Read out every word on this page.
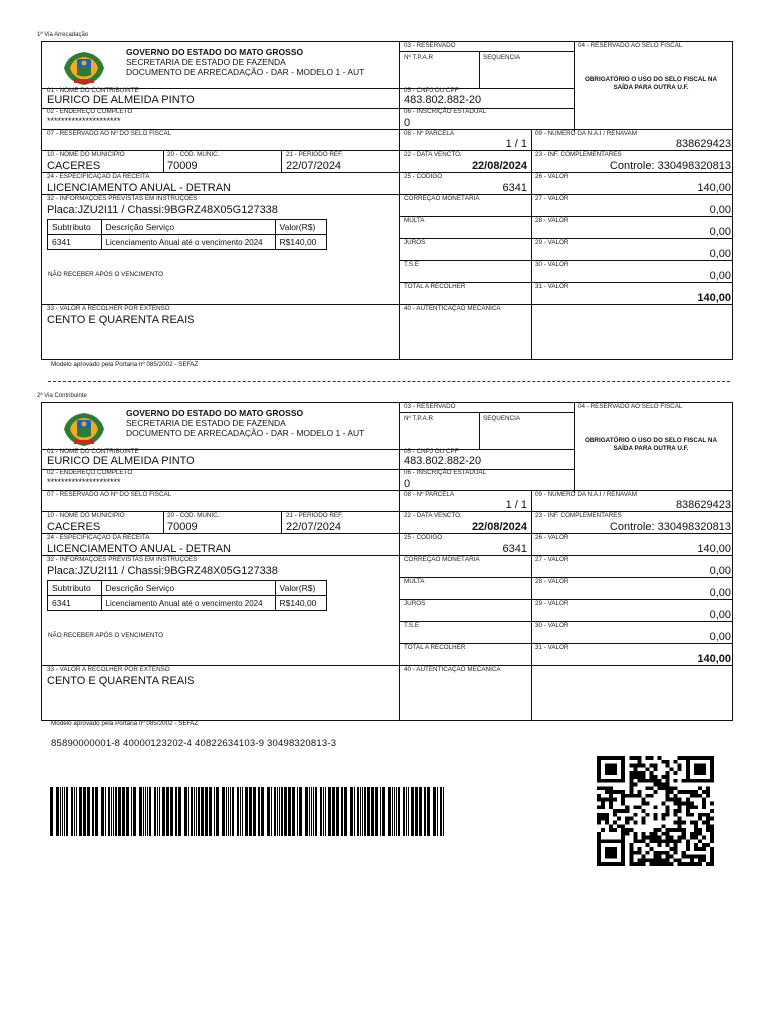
1ª Via Arrecadação
GOVERNO DO ESTADO DO MATO GROSSO
SECRETARIA DE ESTADO DE FAZENDA
DOCUMENTO DE ARRECADAÇÃO - DAR - MODELO 1 - AUT
03 - RESERVADO
Nº T.P.A.R	SEQUENCIA
04 - RESERVADO AO SELO FISCAL
OBRIGATÓRIO O USO DO SELO FISCAL NA SAÍDA PARA OUTRA U.F.
01 - NOME DO CONTRIBUINTE
EURICO DE ALMEIDA PINTO
05 - CNPJ OU CPF
483.802.882-20
02 - ENDEREÇO COMPLETO
*********************
06 - INSCRIÇÃO ESTADUAL
0
07 - RESERVADO AO Nº DO SELO FISCAL	08 - Nº PARCELA
1 / 1
09 - NUMERO DA N.A.I / RENAVAM
838629423
10 - NOME DO MUNICIPIO
CACERES
20 - COD. MUNIC.
70009
21 - PERIODO REF.
22/07/2024
22 - DATA VENCTO.
22/08/2024
23 - INF. COMPLEMENTARES
Controle: 330498320813
24 - ESPECIFICAÇÃO DA RECEITA
LICENCIAMENTO ANUAL - DETRAN
25 - CÓDIGO
6341
26 - VALOR
140,00
32 - INFORMAÇÕES PREVISTAS EM INSTRUÇÕES
Placa:JZU2I11 / Chassi:9BGRZ48X05G127338
Subtributo	Descrição Serviço	Valor(R$)
6341	Licenciamento Anual até o vencimento 2024	R$140,00
NÃO RECEBER APÓS O VENCIMENTO
CORREÇÃO MONETÁRIA	27 - VALOR
0,00
MULTA	28 - VALOR
0,00
JUROS	29 - VALOR
0,00
T.S.E	30 - VALOR
0,00
TOTAL A RECOLHER	31 - VALOR
140,00
33 - VALOR A RECOLHER POR EXTENSO
CENTO E QUARENTA REAIS
40 - AUTENTICAÇÃO MECANICA
Modelo aprovado pela Portaria nº 085/2002 - SEFAZ
2ª Via Contribuinte
GOVERNO DO ESTADO DO MATO GROSSO
SECRETARIA DE ESTADO DE FAZENDA
DOCUMENTO DE ARRECADAÇÃO - DAR - MODELO 1 - AUT
03 - RESERVADO
Nº T.P.A.R	SEQUENCIA
04 - RESERVADO AO SELO FISCAL
OBRIGATÓRIO O USO DO SELO FISCAL NA SAÍDA PARA OUTRA U.F.
01 - NOME DO CONTRIBUINTE
EURICO DE ALMEIDA PINTO
05 - CNPJ OU CPF
483.802.882-20
02 - ENDEREÇO COMPLETO
*********************
06 - INSCRIÇÃO ESTADUAL
0
07 - RESERVADO AO Nº DO SELO FISCAL	08 - Nº PARCELA
1 / 1
09 - NUMERO DA N.A.I / RENAVAM
838629423
10 - NOME DO MUNICIPIO
CACERES
20 - COD. MUNIC.
70009
21 - PERIODO REF.
22/07/2024
22 - DATA VENCTO.
22/08/2024
23 - INF. COMPLEMENTARES
Controle: 330498320813
24 - ESPECIFICAÇÃO DA RECEITA
LICENCIAMENTO ANUAL - DETRAN
25 - CÓDIGO
6341
26 - VALOR
140,00
32 - INFORMAÇÕES PREVISTAS EM INSTRUÇÕES
Placa:JZU2I11 / Chassi:9BGRZ48X05G127338
Subtributo	Descrição Serviço	Valor(R$)
6341	Licenciamento Anual até o vencimento 2024	R$140,00
NÃO RECEBER APÓS O VENCIMENTO
CORREÇÃO MONETÁRIA	27 - VALOR
0,00
MULTA	28 - VALOR
0,00
JUROS	29 - VALOR
0,00
T.S.E	30 - VALOR
0,00
TOTAL A RECOLHER	31 - VALOR
140,00
33 - VALOR A RECOLHER POR EXTENSO
CENTO E QUARENTA REAIS
40 - AUTENTICAÇÃO MECANICA
Modelo aprovado pela Portaria nº 085/2002 - SEFAZ
85890000001-8 40000123202-4 40822634103-9 30498320813-3
